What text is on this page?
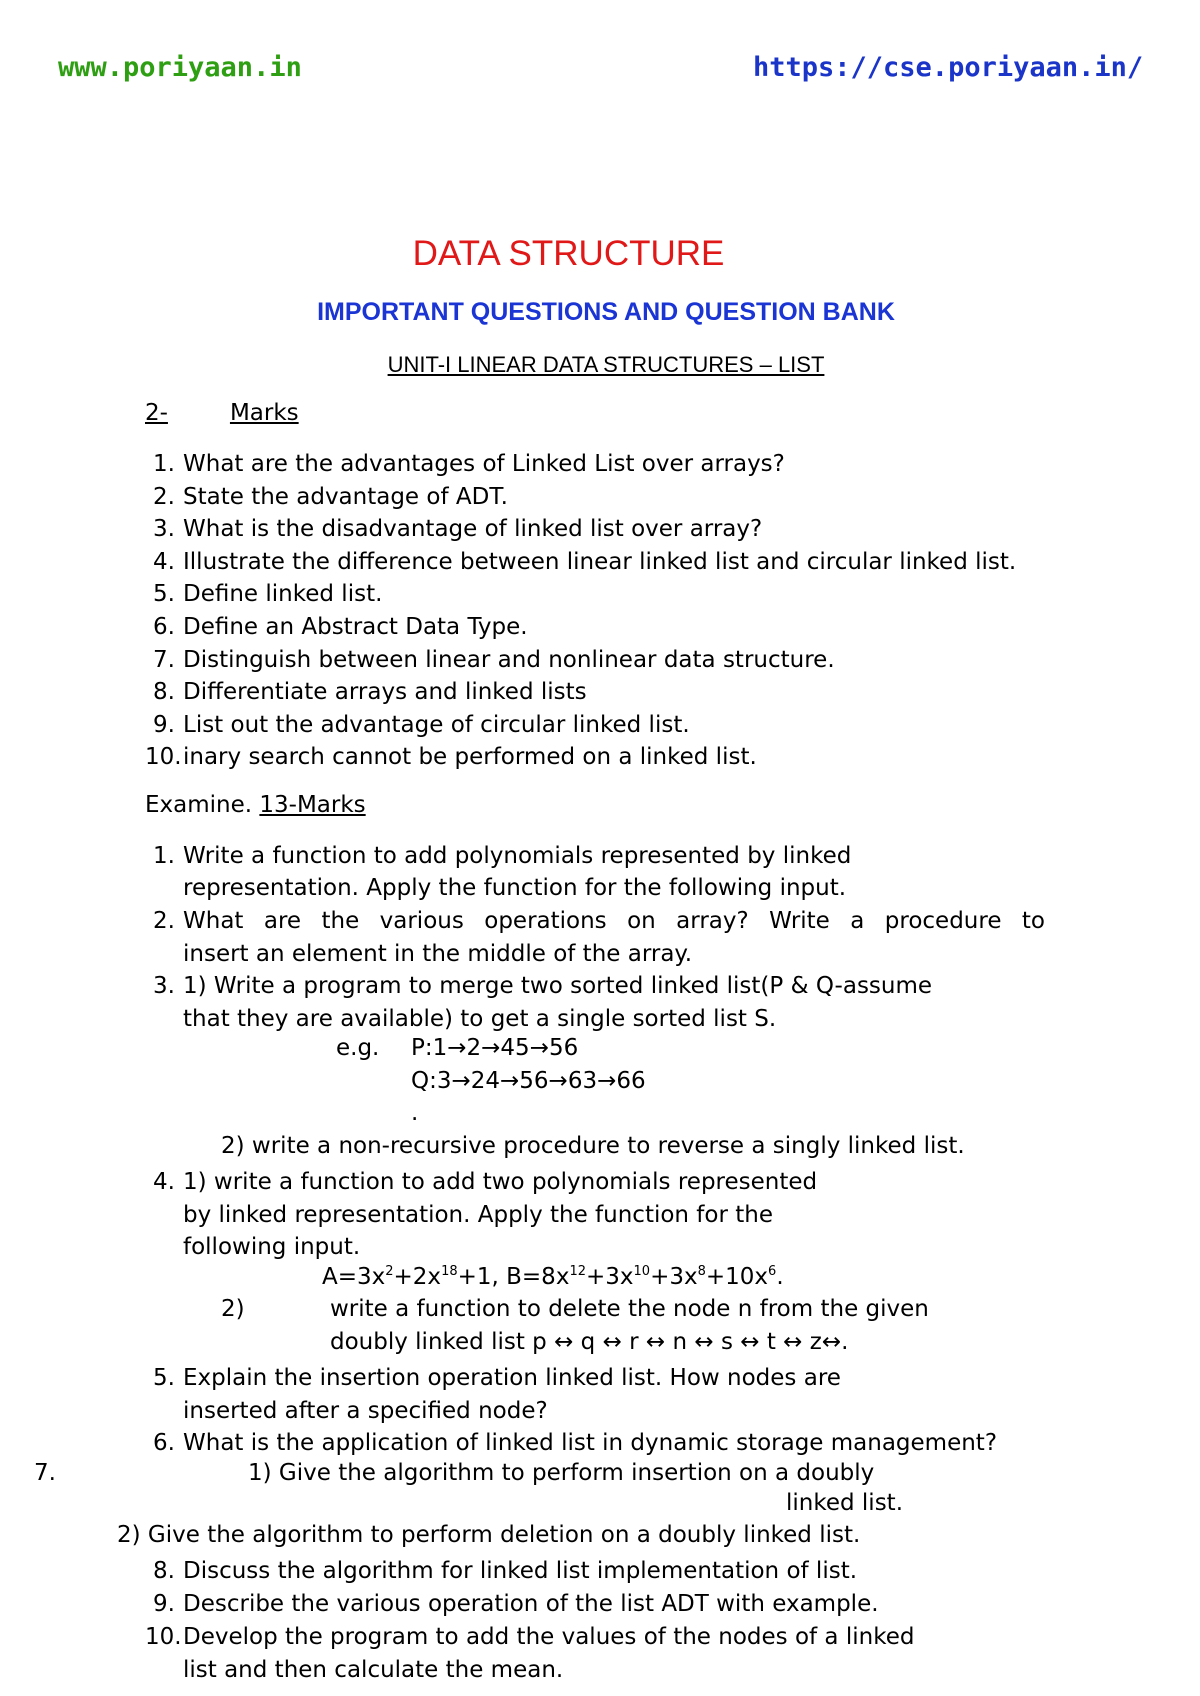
www.poriyaan.in	https://cse.poriyaan.in/
DATA STRUCTURE
IMPORTANT QUESTIONS AND QUESTION BANK
UNIT-I LINEAR DATA STRUCTURES – LIST
2-	Marks
1. What are the advantages of Linked List over arrays?
2. State the advantage of ADT.
3. What is the disadvantage of linked list over array?
4. Illustrate the difference between linear linked list and circular linked list.
5. Define linked list.
6. Define an Abstract Data Type.
7. Distinguish between linear and nonlinear data structure.
8. Differentiate arrays and linked lists
9. List out the advantage of circular linked list.
10. inary search cannot be performed on a linked list.
Examine. 13-Marks
1. Write a function to add polynomials represented by linked
representation. Apply the function for the following input.
2. What are the various operations on array? Write a procedure to
insert an element in the middle of the array.
3. 1) Write a program to merge two sorted linked list(P & Q-assume
that they are available) to get a single sorted list S.
e.g. P:1→2→45→56
Q:3→24→56→63→66
.
2) write a non-recursive procedure to reverse a singly linked list.
4. 1) write a function to add two polynomials represented
by linked representation. Apply the function for the
following input.
$A=3x^2+2x^{18}+1$, $B=8x^{12}+3x^{10}+3x^8+10x^6$.
2)	write a function to delete the node n from the given
doubly linked list p ↔ q ↔ r ↔ n ↔ s ↔ t ↔ z↔.
5. Explain the insertion operation linked list. How nodes are
inserted after a specified node?
6. What is the application of linked list in dynamic storage management?
7.	1) Give the algorithm to perform insertion on a doubly
linked list.
2) Give the algorithm to perform deletion on a doubly linked list.
8. Discuss the algorithm for linked list implementation of list.
9. Describe the various operation of the list ADT with example.
10. Develop the program to add the values of the nodes of a linked
list and then calculate the mean.
